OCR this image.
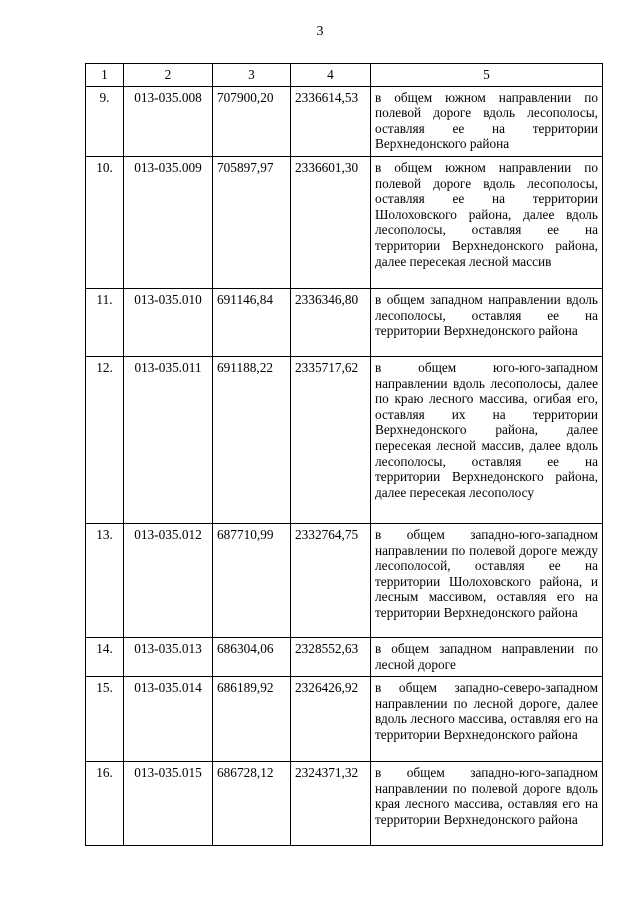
3
1	2	3	4	5
9.	013-035.008	707900,20	2336614,53	в общем южном направлении по полевой дороге вдоль лесополосы, оставляя ее на территории Верхнедонского района
10.	013-035.009	705897,97	2336601,30	в общем южном направлении по полевой дороге вдоль лесополосы, оставляя ее на территории Шолоховского района, далее вдоль лесополосы, оставляя ее на территории Верхнедонского района, далее пересекая лесной массив
11.	013-035.010	691146,84	2336346,80	в общем западном направлении вдоль лесополосы, оставляя ее на территории Верхнедонского района
12.	013-035.011	691188,22	2335717,62	в общем юго-юго-западном направлении вдоль лесополосы, далее по краю лесного массива, огибая его, оставляя их на территории Верхнедонского района, далее пересекая лесной массив, далее вдоль лесополосы, оставляя ее на территории Верхнедонского района, далее пересекая лесополосу
13.	013-035.012	687710,99	2332764,75	в общем западно-юго-западном направлении по полевой дороге между лесополосой, оставляя ее на территории Шолоховского района, и лесным массивом, оставляя его на территории Верхнедонского района
14.	013-035.013	686304,06	2328552,63	в общем западном направлении по лесной дороге
15.	013-035.014	686189,92	2326426,92	в общем западно-северо-западном направлении по лесной дороге, далее вдоль лесного массива, оставляя его на территории Верхнедонского района
16.	013-035.015	686728,12	2324371,32	в общем западно-юго-западном направлении по полевой дороге вдоль края лесного массива, оставляя его на территории Верхнедонского района
